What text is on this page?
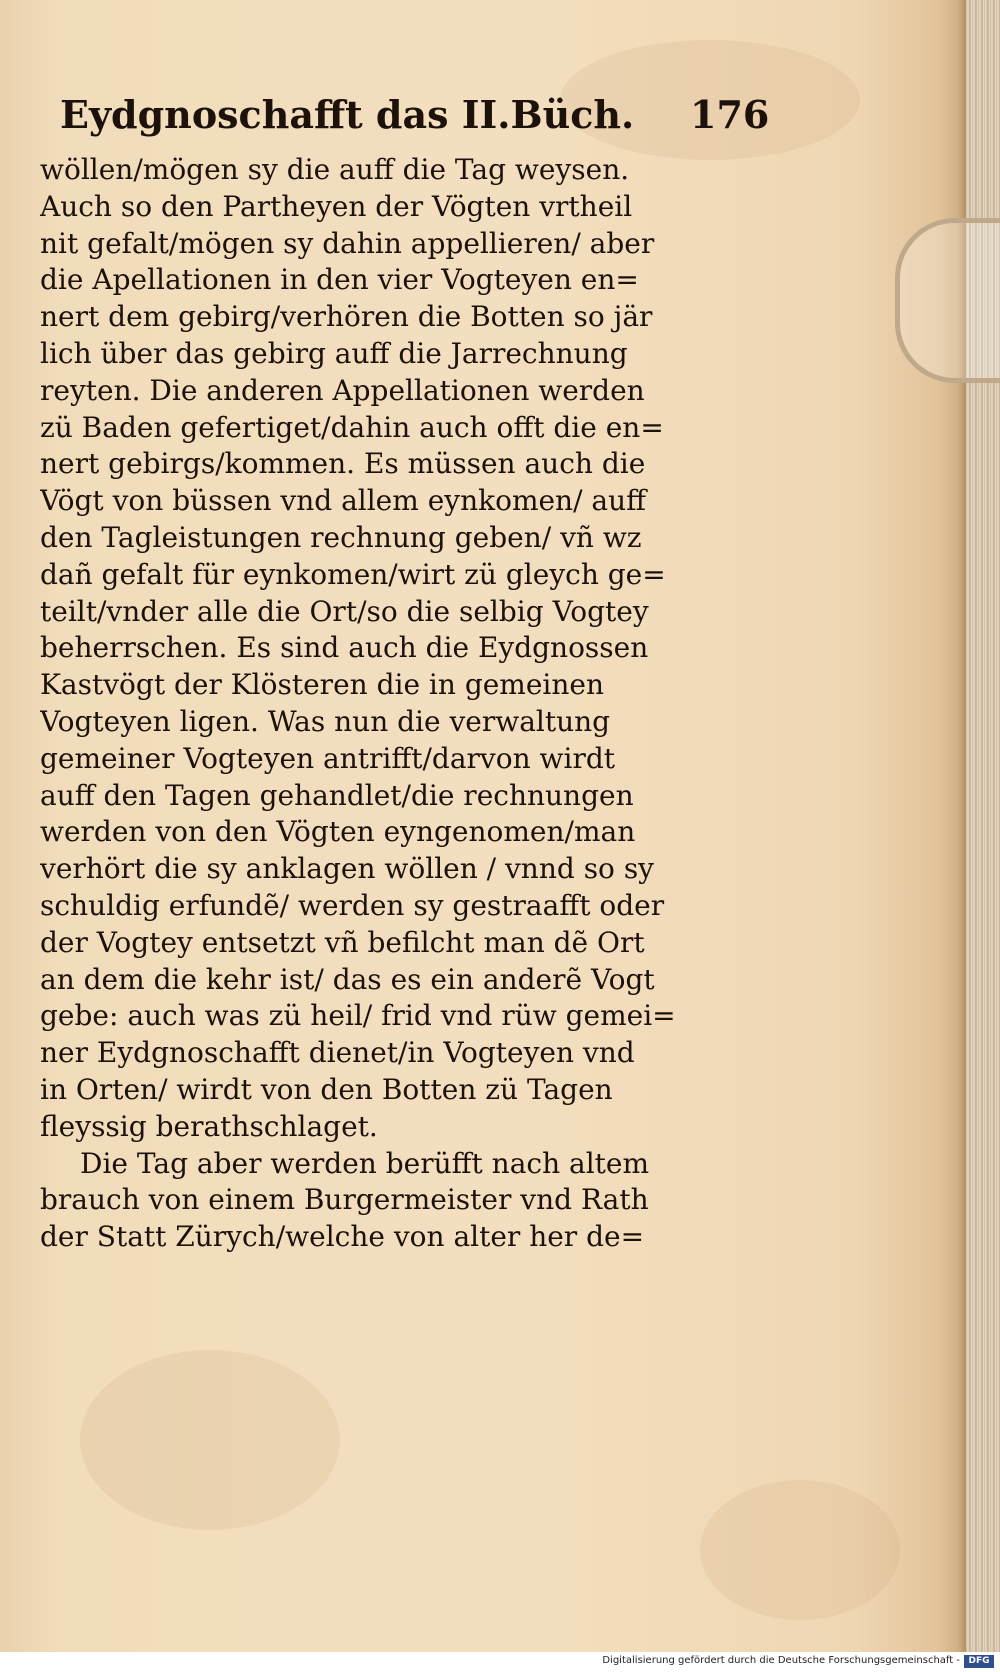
Eydgnoschafft das II.Büch. 176
wöllen/mögen sy die auff die Tag weysen.
Auch so den Partheyen der Vögten vrtheil
nit gefalt/mögen sy dahin appellieren/ aber
die Apellationen in den vier Vogteyen en=
nert dem gebirg/verhören die Botten so jär
lich über das gebirg auff die Jarrechnung
reyten. Die anderen Appellationen werden
zü Baden gefertiget/dahin auch offt die en=
nert gebirgs/kommen. Es müssen auch die
Vögt von büssen vnd allem eynkomen/ auff
den Tagleistungen rechnung geben/ vñ wz
dañ gefalt für eynkomen/wirt zü gleych ge=
teilt/vnder alle die Ort/so die selbig Vogtey
beherrschen. Es sind auch die Eydgnossen
Kastvögt der Klösteren die in gemeinen
Vogteyen ligen. Was nun die verwaltung
gemeiner Vogteyen antrifft/darvon wirdt
auff den Tagen gehandlet/die rechnungen
werden von den Vögten eyngenomen/man
verhört die sy anklagen wöllen / vnnd so sy
schuldig erfundẽ/ werden sy gestraafft oder
der Vogtey entsetzt vñ befilcht man dẽ Ort
an dem die kehr ist/ das es ein anderẽ Vogt
gebe: auch was zü heil/ frid vnd rüw gemei=
ner Eydgnoschafft dienet/in Vogteyen vnd
in Orten/ wirdt von den Botten zü Tagen
fleyssig berathschlaget.
Die Tag aber werden berüfft nach altem
brauch von einem Burgermeister vnd Rath
der Statt Zürych/welche von alter her de=
Digitalisierung gefördert durch die Deutsche Forschungsgemeinschaft - DFG
